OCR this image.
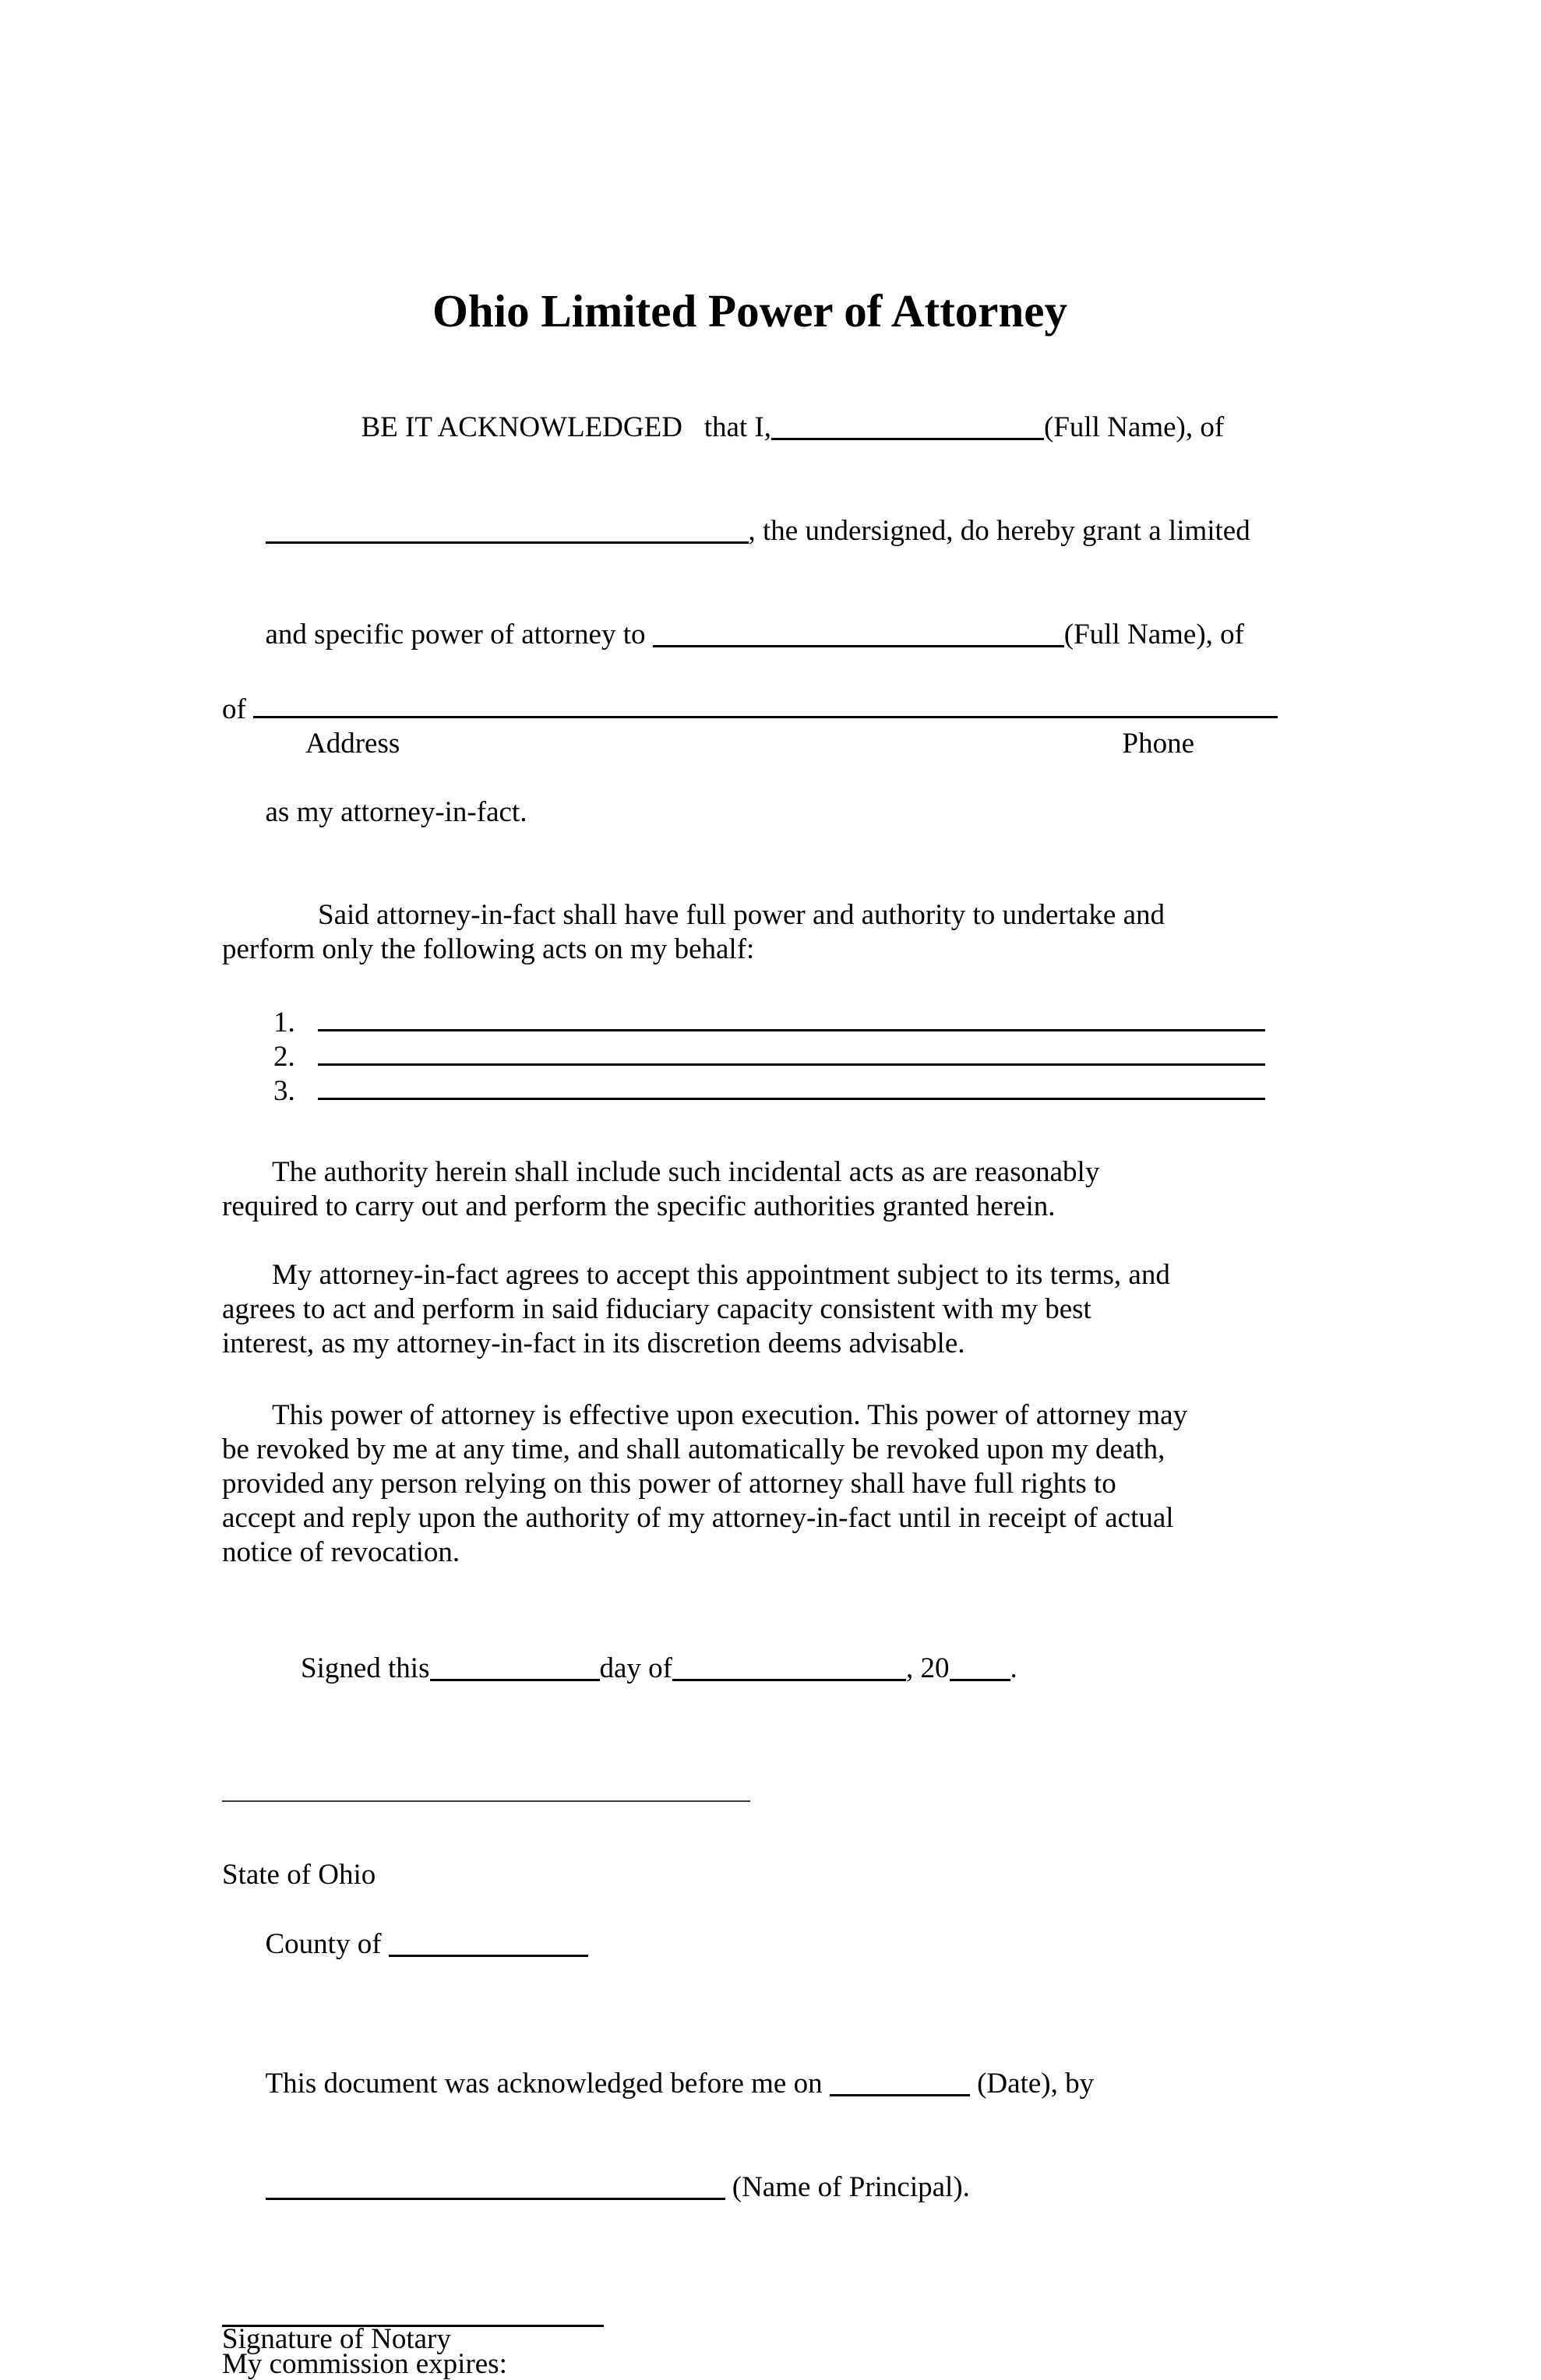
Ohio Limited Power of Attorney

BE IT ACKNOWLEDGED   that I,	(Full Name), of

, the undersigned, do hereby grant a limited

and specific power of attorney to	(Full Name), of

of
Address	Phone

as my attorney-in-fact.

Said attorney-in-fact shall have full power and authority to undertake and
perform only the following acts on my behalf:
1.
2.
3.
The authority herein shall include such incidental acts as are reasonably
required to carry out and perform the specific authorities granted herein.
My attorney-in-fact agrees to accept this appointment subject to its terms, and
agrees to act and perform in said fiduciary capacity consistent with my best
interest, as my attorney-in-fact in its discretion deems advisable.
This power of attorney is effective upon execution. This power of attorney may
be revoked by me at any time, and shall automatically be revoked upon my death,
provided any person relying on this power of attorney shall have full rights to
accept and reply upon the authority of my attorney-in-fact until in receipt of actual
notice of revocation.

Signed this	day of	, 20 .

State of Ohio

County of

This document was acknowledged before me on	(Date), by

(Name of Principal).

Signature of Notary
My commission expires:
